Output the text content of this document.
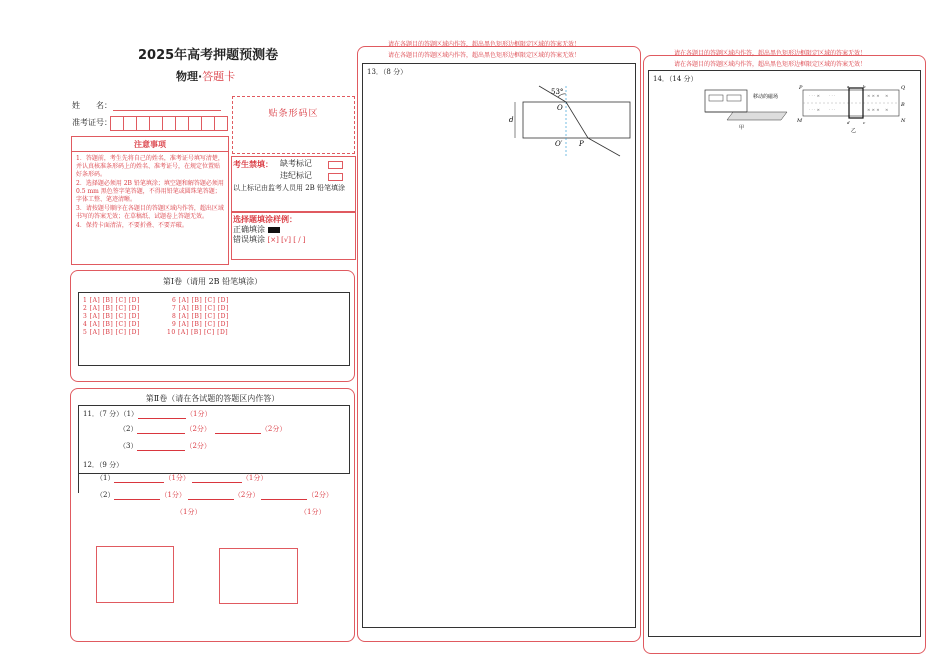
2025年高考押题预测卷
物理·答题卡
姓　　名：
准考证号：
贴条形码区
注意事项
1．答题前，考生先将自己的姓名，准考证号填写清楚，并认真核准条形码上的姓名、准考证号，在规定位置贴好条形码。
2．选择题必须用 2B 铅笔填涂；填空题和解答题必须用 0.5 mm 黑色签字笔答题，不得用铅笔或圆珠笔答题；字体工整、笔迹清晰。
3．请按题号顺序在各题目的答题区域内作答，超出区域书写的答案无效；在草稿纸、试题卷上答题无效。
4．保持卡面清洁，不要折叠、不要弄破。
考生禁填： 缺考标记
违纪标记
以上标记由监考人员用 2B 铅笔填涂
选择题填涂样例：
正确填涂
错误填涂 [×] [√] [ / ]
第Ⅰ卷（请用 2B 铅笔填涂）
1 [A] [B] [C] [D]
2 [A] [B] [C] [D]
3 [A] [B] [C] [D]
4 [A] [B] [C] [D]
5 [A] [B] [C] [D]
6 [A] [B] [C] [D]
7 [A] [B] [C] [D]
8 [A] [B] [C] [D]
9 [A] [B] [C] [D]
10 [A] [B] [C] [D]
第Ⅱ卷（请在各试题的答题区内作答）
11．（7 分）（1）	（1分）
（2）	（2分）	（2分）
（3）	（2分）
12．（9 分）
（1）	（1分）	（1分）
（2）	（1分）	（2分）	（2分）
（1分）	（1分）
请在各题目的答题区域内作答，超出黑色矩形边框限定区域的答案无效！
请在各题目的答题区域内作答，超出黑色矩形边框限定区域的答案无效！
13．（8 分）
53°
O
O′ P
d
请在各题目的答题区域内作答，超出黑色矩形边框限定区域的答案无效！
请在各题目的答题区域内作答，超出黑色矩形边框限定区域的答案无效！
14．（14 分）
移动的磁场
甲
· · · × · · ·	× × × ×
· · · × · · ·	× × × ×
P	Q
M	N
a	b
c
d
B
乙
